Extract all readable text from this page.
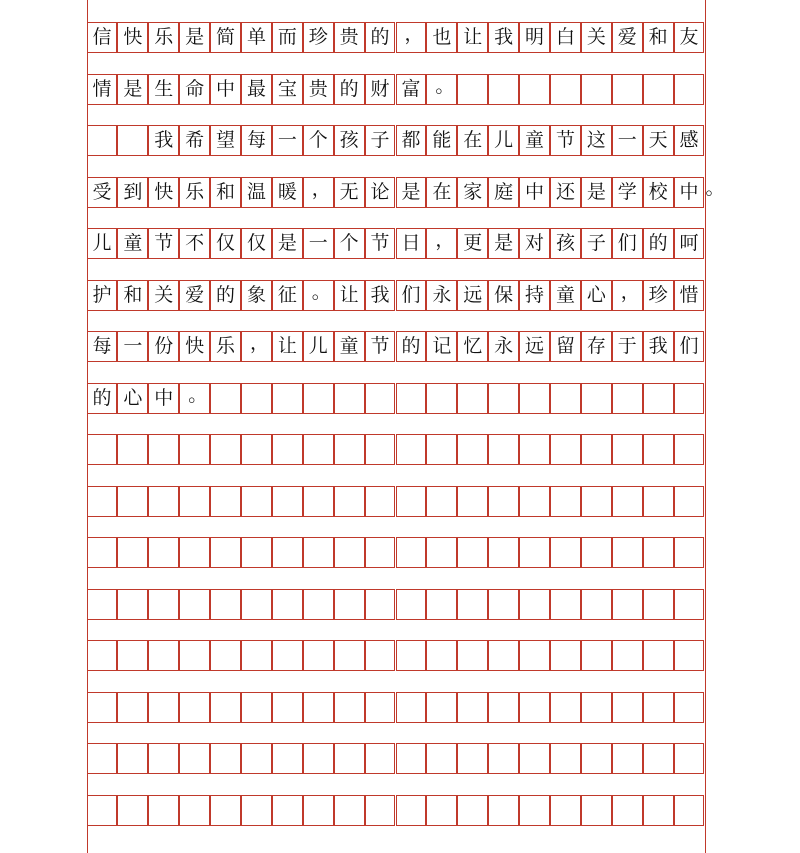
信 快 乐 是 简 单 而 珍 贵 的 ， 也 让 我 明 白 关 爱 和 友
情 是 生 命 中 最 宝 贵 的 财 富 。
我 希 望 每 一 个 孩 子 都 能 在 儿 童 节 这 一 天 感
受 到 快 乐 和 温 暖 ， 无 论 是 在 家 庭 中 还 是 学 校 中
儿 童 节 不 仅 仅 是 一 个 节 日 ， 更 是 对 孩 子 们 的 呵
护 和 关 爱 的 象 征 。 让 我 们 永 远 保 持 童 心 ， 珍 惜
每 一 份 快 乐 ， 让 儿 童 节 的 记 忆 永 远 留 存 于 我 们
的 心 中 。
。
